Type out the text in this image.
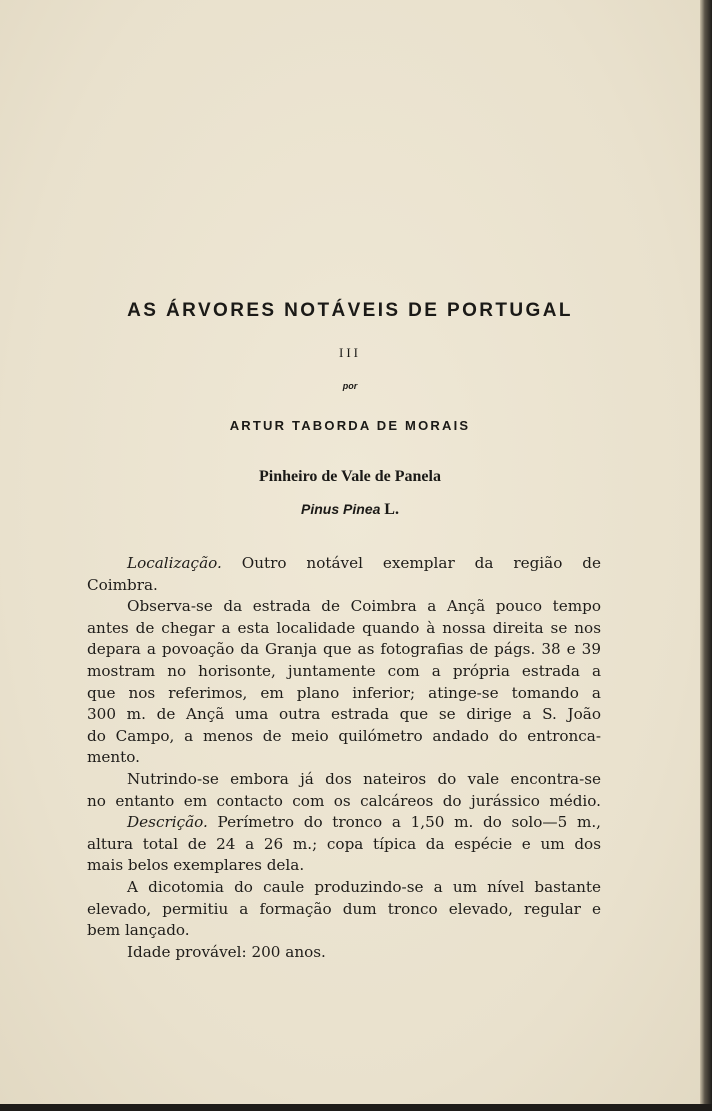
AS ÁRVORES NOTÁVEIS DE PORTUGAL
III
por
ARTUR TABORDA DE MORAIS
Pinheiro de Vale de Panela
Pinus Pinea L.
Localização. Outro notável exemplar da região de
Coimbra.
Observa-se da estrada de Coimbra a Ançã pouco tempo
antes de chegar a esta localidade quando à nossa direita se nos
depara a povoação da Granja que as fotografias de págs. 38 e 39
mostram no horisonte, juntamente com a própria estrada a
que nos referimos, em plano inferior; atinge-se tomando a
300 m. de Ançã uma outra estrada que se dirige a S. João
do Campo, a menos de meio quilómetro andado do entronca-
mento.
Nutrindo-se embora já dos nateiros do vale encontra-se
no entanto em contacto com os calcáreos do jurássico médio.
Descrição. Perímetro do tronco a 1,50 m. do solo—5 m.,
altura total de 24 a 26 m.; copa típica da espécie e um dos
mais belos exemplares dela.
A dicotomia do caule produzindo-se a um nível bastante
elevado, permitiu a formação dum tronco elevado, regular e
bem lançado.
Idade provável: 200 anos.
